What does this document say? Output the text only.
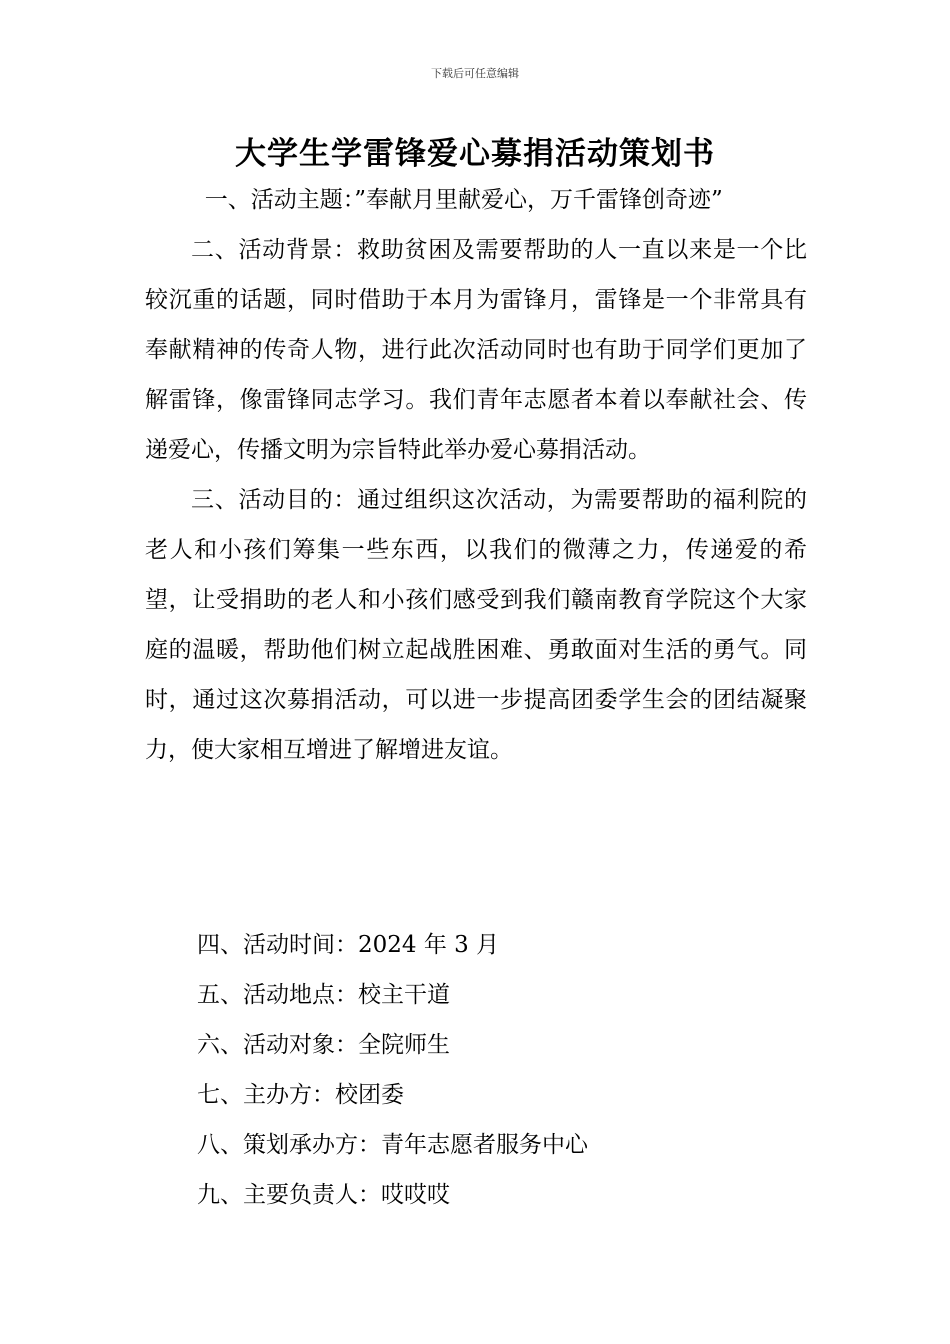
下载后可任意编辑
大学生学雷锋爱心募捐活动策划书

一、活动主题：”奉献月里献爱心，万千雷锋创奇迹”

二、活动背景：救助贫困及需要帮助的人一直以来是一个比较沉重的话题，同时借助于本月为雷锋月，雷锋是一个非常具有奉献精神的传奇人物，进行此次活动同时也有助于同学们更加了解雷锋，像雷锋同志学习。我们青年志愿者本着以奉献社会、传递爱心，传播文明为宗旨特此举办爱心募捐活动。

三、活动目的：通过组织这次活动，为需要帮助的福利院的老人和小孩们筹集一些东西，以我们的微薄之力，传递爱的希望，让受捐助的老人和小孩们感受到我们赣南教育学院这个大家庭的温暖，帮助他们树立起战胜困难、勇敢面对生活的勇气。同时，通过这次募捐活动，可以进一步提高团委学生会的团结凝聚力，使大家相互增进了解增进友谊。

四、活动时间：2024 年 3 月
五、活动地点：校主干道
六、活动对象：全院师生
七、主办方：校团委
八、策划承办方：青年志愿者服务中心
九、主要负责人：哎哎哎
